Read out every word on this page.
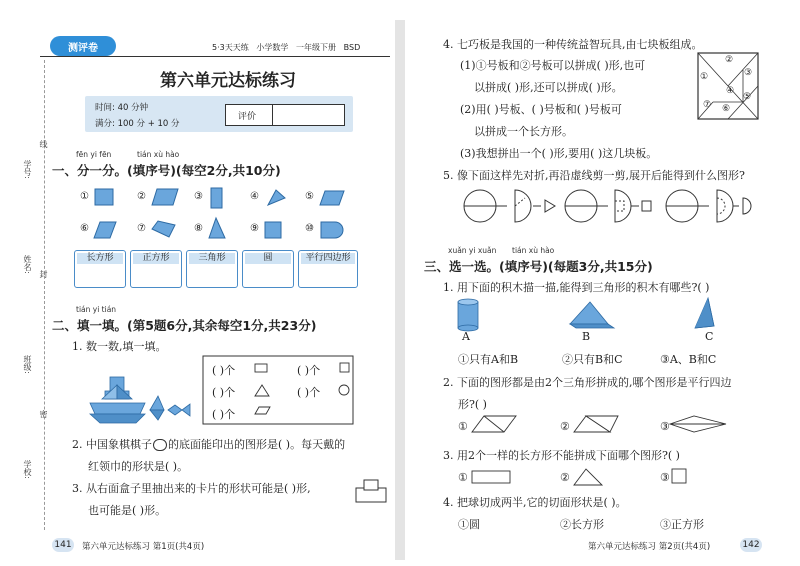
学号:
姓名:
班级:
学校:
线
封
密
测评卷	5·3天天练 小学数学 一年级下册 BSD
第六单元达标练习
时间: 40 分钟
满分: 100 分 + 10 分
评价
fēn yi fēn	tián xù hào
一、分一分。(填序号)(每空2分,共10分)
①	②	③	④	⑤
⑥	⑦	⑧	⑨	⑩
长方形	正方形	三角形	圆	平行四边形
tián yi tián
二、填一填。(第5题6分,其余每空1分,共23分)
1. 数一数,填一填。
( )个	( )个
( )个	( )个
( )个
2. 中国象棋棋子 的底面能印出的图形是( )。每天戴的
红领巾的形状是( )。
3. 从右面盒子里抽出来的卡片的形状可能是( )形,
也可能是( )形。
141 第六单元达标练习 第1页(共4页)
4. 七巧板是我国的一种传统益智玩具,由七块板组成。
(1)①号板和②号板可以拼成( )形,也可
以拼成( )形,还可以拼成( )形。
(2)用( )号板、( )号板和( )号板可
以拼成一个长方形。
(3)我想拼出一个( )形,要用( )这几块板。
①
②
③
④
⑤
⑥
⑦
5. 像下面这样先对折,再沿虚线剪一剪,展开后能得到什么图形?
xuǎn yi xuǎn tián xù hào
三、选一选。(填序号)(每题3分,共15分)
1. 用下面的积木描一描,能得到三角形的积木有哪些?( )
A	B	C
①只有A和B	②只有B和C	③A、B和C
2. 下面的图形都是由2个三角形拼成的,哪个图形是平行四边
形?( )
①	②	③
3. 用2个一样的长方形不能拼成下面哪个图形?( )
①	②	③
4. 把球切成两半,它的切面形状是( )。
①圆	②长方形	③正方形
第六单元达标练习 第2页(共4页)	142
